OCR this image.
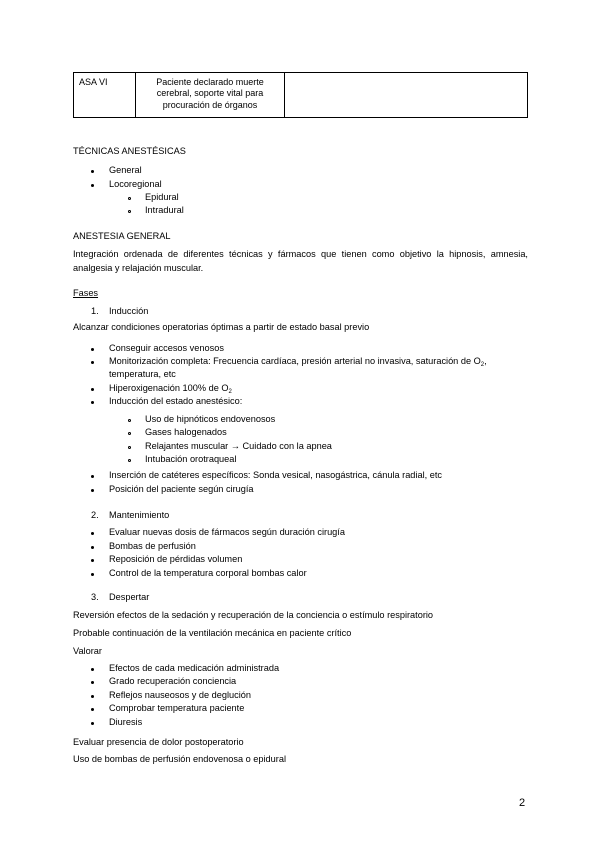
ASA VI	Paciente declarado muerte cerebral, soporte vital para procuración de órganos	
TÉCNICAS ANESTÉSICAS
General
Locoregional
Epidural
Intradural
ANESTESIA GENERAL
Integración ordenada de diferentes técnicas y fármacos que tienen como objetivo la hipnosis, amnesia, analgesia y relajación muscular.
Fases
1. Inducción
Alcanzar condiciones operatorias óptimas a partir de estado basal previo
Conseguir accesos venosos
Monitorización completa: Frecuencia cardíaca, presión arterial no invasiva, saturación de $O_2$,
temperatura, etc
Hiperoxigenación 100% de $O_2$
Inducción del estado anestésico:
Uso de hipnóticos endovenosos
Gases halogenados
Relajantes muscular → Cuidado con la apnea
Intubación orotraqueal
Inserción de catéteres específicos: Sonda vesical, nasogástrica, cánula radial, etc
Posición del paciente según cirugía
2. Mantenimiento
Evaluar nuevas dosis de fármacos según duración cirugía
Bombas de perfusión
Reposición de pérdidas volumen
Control de la temperatura corporal bombas calor
3. Despertar
Reversión efectos de la sedación y recuperación de la conciencia o estímulo respiratorio
Probable continuación de la ventilación mecánica en paciente crítico
Valorar
Efectos de cada medicación administrada
Grado recuperación conciencia
Reflejos nauseosos y de deglución
Comprobar temperatura paciente
Diuresis
Evaluar presencia de dolor postoperatorio
Uso de bombas de perfusión endovenosa o epidural
2
